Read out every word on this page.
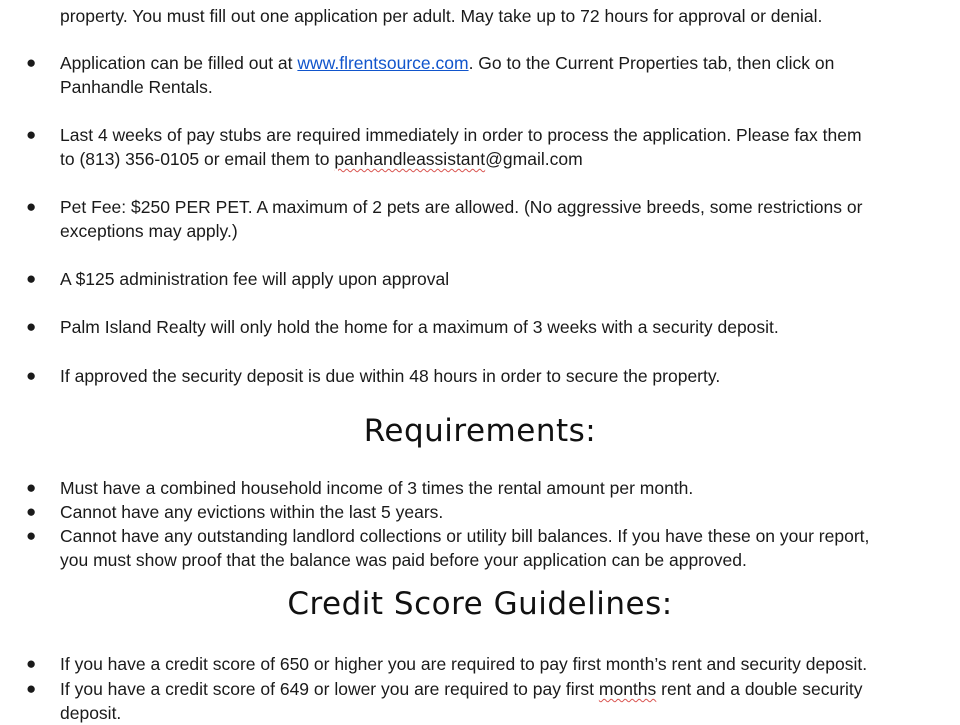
property. You must fill out one application per adult. May take up to 72 hours for approval or denial.
● Application can be filled out at www.flrentsource.com. Go to the Current Properties tab, then click on
Panhandle Rentals.
● Last 4 weeks of pay stubs are required immediately in order to process the application. Please fax them
to (813) 356-0105 or email them to panhandleassistant@gmail.com
● Pet Fee: $250 PER PET. A maximum of 2 pets are allowed. (No aggressive breeds, some restrictions or
exceptions may apply.)
● A $125 administration fee will apply upon approval
● Palm Island Realty will only hold the home for a maximum of 3 weeks with a security deposit.
● If approved the security deposit is due within 48 hours in order to secure the property.
Requirements:
● Must have a combined household income of 3 times the rental amount per month.
● Cannot have any evictions within the last 5 years.
● Cannot have any outstanding landlord collections or utility bill balances. If you have these on your report,
you must show proof that the balance was paid before your application can be approved.
Credit Score Guidelines:
● If you have a credit score of 650 or higher you are required to pay first month’s rent and security deposit.
● If you have a credit score of 649 or lower you are required to pay first months rent and a double security
deposit.
